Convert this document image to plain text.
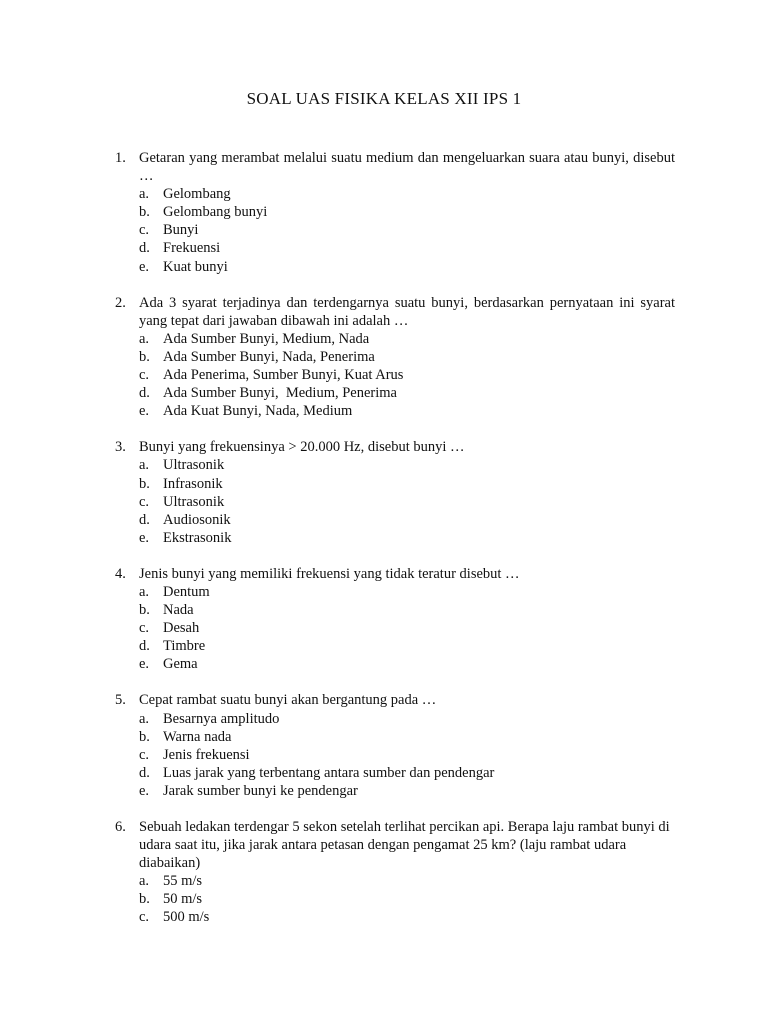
SOAL UAS FISIKA KELAS XII IPS 1
1. Getaran yang merambat melalui suatu medium dan mengeluarkan suara atau bunyi, disebut …
a. Gelombang
b. Gelombang bunyi
c. Bunyi
d. Frekuensi
e. Kuat bunyi
2. Ada 3 syarat terjadinya dan terdengarnya suatu bunyi, berdasarkan pernyataan ini syarat yang tepat dari jawaban dibawah ini adalah …
a. Ada Sumber Bunyi, Medium, Nada
b. Ada Sumber Bunyi, Nada, Penerima
c. Ada Penerima, Sumber Bunyi, Kuat Arus
d. Ada Sumber Bunyi,  Medium, Penerima
e. Ada Kuat Bunyi, Nada, Medium
3. Bunyi yang frekuensinya > 20.000 Hz, disebut bunyi …
a. Ultrasonik
b. Infrasonik
c. Ultrasonik
d. Audiosonik
e. Ekstrasonik
4. Jenis bunyi yang memiliki frekuensi yang tidak teratur disebut …
a. Dentum
b. Nada
c. Desah
d. Timbre
e. Gema
5. Cepat rambat suatu bunyi akan bergantung pada …
a. Besarnya amplitudo
b. Warna nada
c. Jenis frekuensi
d. Luas jarak yang terbentang antara sumber dan pendengar
e. Jarak sumber bunyi ke pendengar
6. Sebuah ledakan terdengar 5 sekon setelah terlihat percikan api. Berapa laju rambat bunyi di udara saat itu, jika jarak antara petasan dengan pengamat 25 km? (laju rambat udara diabaikan)
a. 55 m/s
b. 50 m/s
c. 500 m/s
